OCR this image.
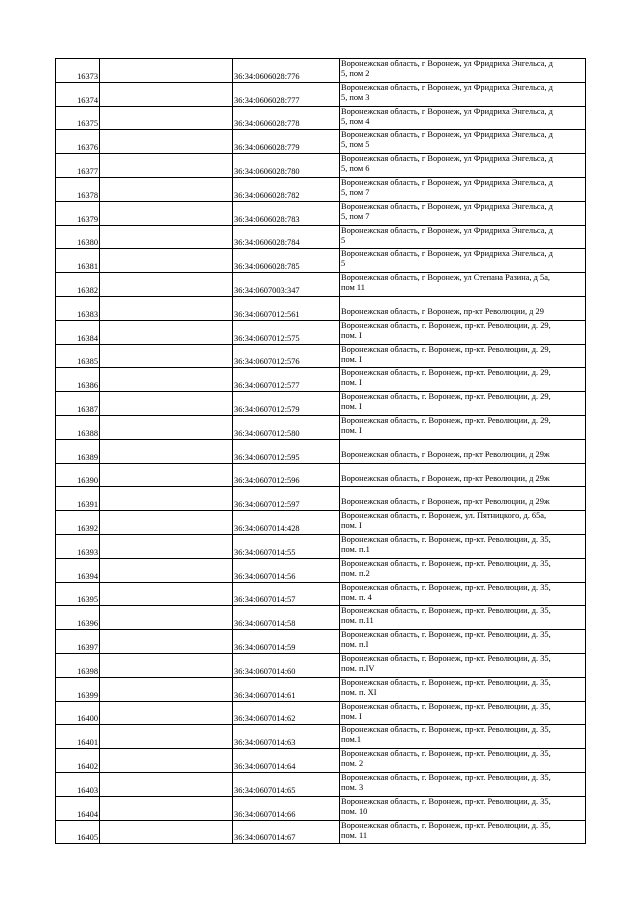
16373		36:34:0606028:776	Воронежская область, г Воронеж, ул Фридриха Энгельса, д
5, пом 2

16374		36:34:0606028:777	Воронежская область, г Воронеж, ул Фридриха Энгельса, д
5, пом 3

16375		36:34:0606028:778	Воронежская область, г Воронеж, ул Фридриха Энгельса, д
5, пом 4

16376		36:34:0606028:779	Воронежская область, г Воронеж, ул Фридриха Энгельса, д
5, пом 5

16377		36:34:0606028:780	Воронежская область, г Воронеж, ул Фридриха Энгельса, д
5, пом 6

16378		36:34:0606028:782	Воронежская область, г Воронеж, ул Фридриха Энгельса, д
5, пом 7

16379		36:34:0606028:783	Воронежская область, г Воронеж, ул Фридриха Энгельса, д
5, пом 7

16380		36:34:0606028:784	Воронежская область, г Воронеж, ул Фридриха Энгельса, д
5

16381		36:34:0606028:785	Воронежская область, г Воронеж, ул Фридриха Энгельса, д
5

16382		36:34:0607003:347	Воронежская область, г Воронеж, ул Степана Разина, д 5а,
пом 11

16383		36:34:0607012:561	Воронежская область, г Воронеж, пр-кт Революции, д 29

16384		36:34:0607012:575	Воронежская область, г. Воронеж, пр-кт. Революции, д. 29,
пом. I

16385		36:34:0607012:576	Воронежская область, г. Воронеж, пр-кт. Революции, д. 29,
пом. I

16386		36:34:0607012:577	Воронежская область, г. Воронеж, пр-кт. Революции, д. 29,
пом. I

16387		36:34:0607012:579	Воронежская область, г. Воронеж, пр-кт. Революции, д. 29,
пом. I

16388		36:34:0607012:580	Воронежская область, г. Воронеж, пр-кт. Революции, д. 29,
пом. I

16389		36:34:0607012:595	Воронежская область, г Воронеж, пр-кт Революции, д 29ж

16390		36:34:0607012:596	Воронежская область, г Воронеж, пр-кт Революции, д 29ж

16391		36:34:0607012:597	Воронежская область, г Воронеж, пр-кт Революции, д 29ж

16392		36:34:0607014:428	Воронежская область, г. Воронеж, ул. Пятницкого, д. 65а,
пом. I

16393		36:34:0607014:55	Воронежская область, г. Воронеж, пр-кт. Революции, д. 35,
пом. п.1

16394		36:34:0607014:56	Воронежская область, г. Воронеж, пр-кт. Революции, д. 35,
пом. п.2

16395		36:34:0607014:57	Воронежская область, г. Воронеж, пр-кт. Революции, д. 35,
пом. п. 4

16396		36:34:0607014:58	Воронежская область, г. Воронеж, пр-кт. Революции, д. 35,
пом. п.11

16397		36:34:0607014:59	Воронежская область, г. Воронеж, пр-кт. Революции, д. 35,
пом. п.I

16398		36:34:0607014:60	Воронежская область, г. Воронеж, пр-кт. Революции, д. 35,
пом. п.IV

16399		36:34:0607014:61	Воронежская область, г. Воронеж, пр-кт. Революции, д. 35,
пом. п. XI

16400		36:34:0607014:62	Воронежская область, г. Воронеж, пр-кт. Революции, д. 35,
пом. I

16401		36:34:0607014:63	Воронежская область, г. Воронеж, пр-кт. Революции, д. 35,
пом.1

16402		36:34:0607014:64	Воронежская область, г. Воронеж, пр-кт. Революции, д. 35,
пом. 2

16403		36:34:0607014:65	Воронежская область, г. Воронеж, пр-кт. Революции, д. 35,
пом. 3

16404		36:34:0607014:66	Воронежская область, г. Воронеж, пр-кт. Революции, д. 35,
пом. 10

16405		36:34:0607014:67	Воронежская область, г. Воронеж, пр-кт. Революции, д. 35,
пом. 11
